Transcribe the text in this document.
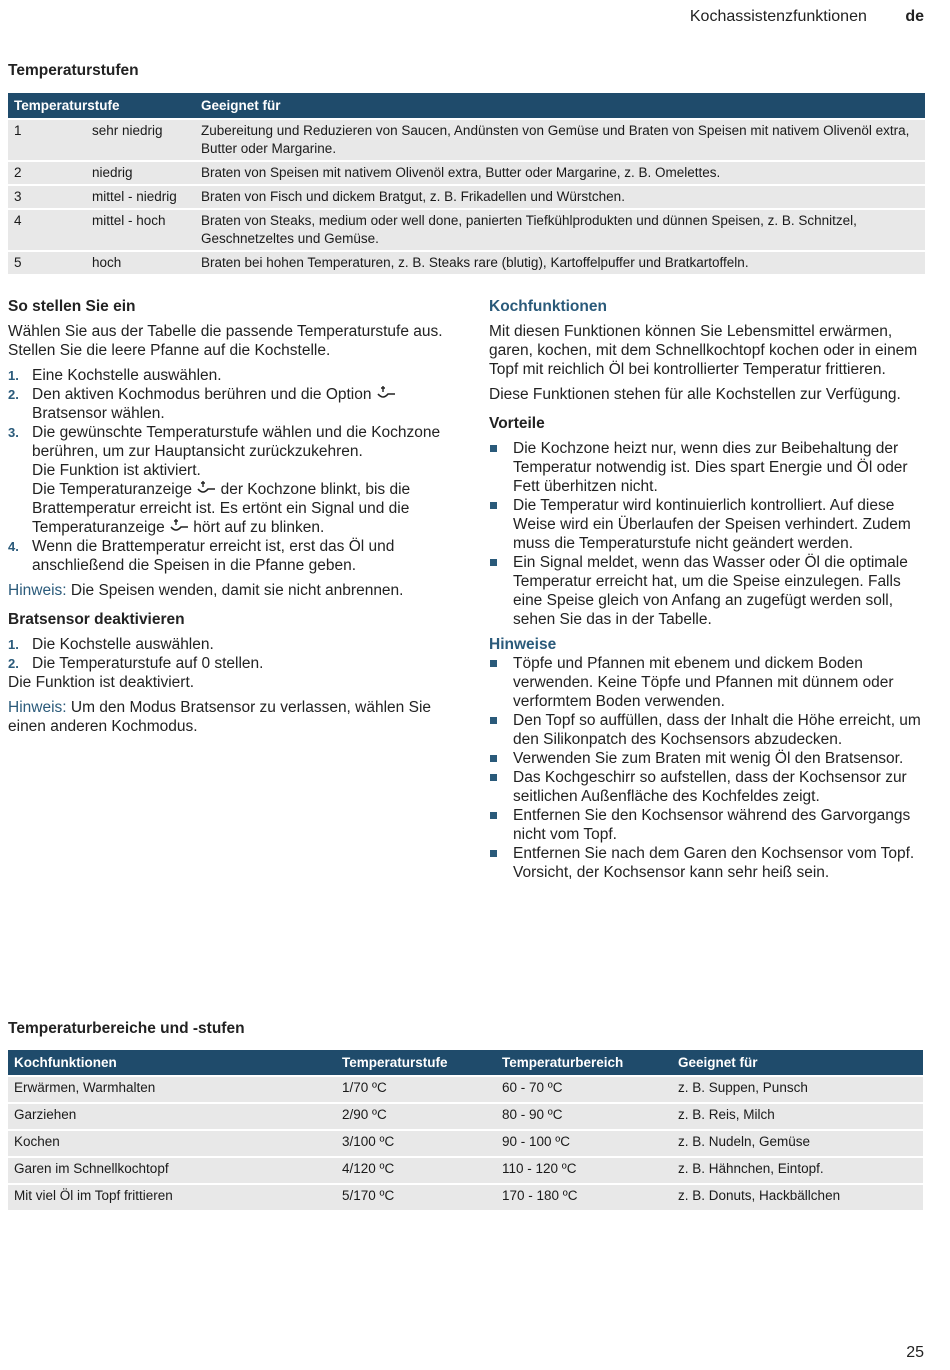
Kochassistenzfunktionen de
Temperaturstufen
Temperaturstufe		Geeignet für
1	sehr niedrig	Zubereitung und Reduzieren von Saucen, Andünsten von Gemüse und Braten von Speisen mit nativem Olivenöl extra, Butter oder Margarine.
2	niedrig	Braten von Speisen mit nativem Olivenöl extra, Butter oder Margarine, z. B. Omelettes.
3	mittel - niedrig	Braten von Fisch und dickem Bratgut, z. B. Frikadellen und Würstchen.
4	mittel - hoch	Braten von Steaks, medium oder well done, panierten Tiefkühlprodukten und dünnen Speisen, z. B. Schnitzel, Geschnetzeltes und Gemüse.
5	hoch	Braten bei hohen Temperaturen, z. B. Steaks rare (blutig), Kartoffelpuffer und Bratkartoffeln.
So stellen Sie ein

Wählen Sie aus der Tabelle die passende Temperaturstufe aus. Stellen Sie die leere Pfanne auf die Kochstelle.

1. Eine Kochstelle auswählen.
2. Den aktiven Kochmodus berühren und die Option  Bratsensor wählen.
3. Die gewünschte Temperaturstufe wählen und die Kochzone berühren, um zur Hauptansicht zurückzukehren.
Die Funktion ist aktiviert.
Die Temperaturanzeige  der Kochzone blinkt, bis die Brattemperatur erreicht ist. Es ertönt ein Signal und die Temperaturanzeige  hört auf zu blinken.
4. Wenn die Brattemperatur erreicht ist, erst das Öl und anschließend die Speisen in die Pfanne geben.

Hinweis: Die Speisen wenden, damit sie nicht anbrennen.

Bratsensor deaktivieren
1. Die Kochstelle auswählen.
2. Die Temperaturstufe auf 0 stellen.

Die Funktion ist deaktiviert.

Hinweis: Um den Modus Bratsensor zu verlassen, wählen Sie einen anderen Kochmodus.

Kochfunktionen

Mit diesen Funktionen können Sie Lebensmittel erwärmen, garen, kochen, mit dem Schnellkochtopf kochen oder in einem Topf mit reichlich Öl bei kontrollierter Temperatur frittieren.

Diese Funktionen stehen für alle Kochstellen zur Verfügung.

Vorteile
Die Kochzone heizt nur, wenn dies zur Beibehaltung der Temperatur notwendig ist. Dies spart Energie und Öl oder Fett überhitzen nicht.
Die Temperatur wird kontinuierlich kontrolliert. Auf diese Weise wird ein Überlaufen der Speisen verhindert. Zudem muss die Temperaturstufe nicht geändert werden.
Ein Signal meldet, wenn das Wasser oder Öl die optimale Temperatur erreicht hat, um die Speise einzulegen. Falls eine Speise gleich von Anfang an zugefügt werden soll, sehen Sie das in der Tabelle.
Hinweise
Töpfe und Pfannen mit ebenem und dickem Boden verwenden. Keine Töpfe und Pfannen mit dünnem oder verformtem Boden verwenden.
Den Topf so auffüllen, dass der Inhalt die Höhe erreicht, um den Silikonpatch des Kochsensors abzudecken.
Verwenden Sie zum Braten mit wenig Öl den Bratsensor.
Das Kochgeschirr so aufstellen, dass der Kochsensor zur seitlichen Außenfläche des Kochfeldes zeigt.
Entfernen Sie den Kochsensor während des Garvorgangs nicht vom Topf.
Entfernen Sie nach dem Garen den Kochsensor vom Topf. Vorsicht, der Kochsensor kann sehr heiß sein.
Temperaturbereiche und -stufen
Kochfunktionen	Temperaturstufe	Temperaturbereich	Geeignet für
Erwärmen, Warmhalten	1/70 ºC	60 - 70 ºC	z. B. Suppen, Punsch
Garziehen	2/90 ºC	80 - 90 ºC	z. B. Reis, Milch
Kochen	3/100 ºC	90 - 100 ºC	z. B. Nudeln, Gemüse
Garen im Schnellkochtopf	4/120 ºC	110 - 120 ºC	z. B. Hähnchen, Eintopf.
Mit viel Öl im Topf frittieren	5/170 ºC	170 - 180 ºC	z. B. Donuts, Hackbällchen
25
